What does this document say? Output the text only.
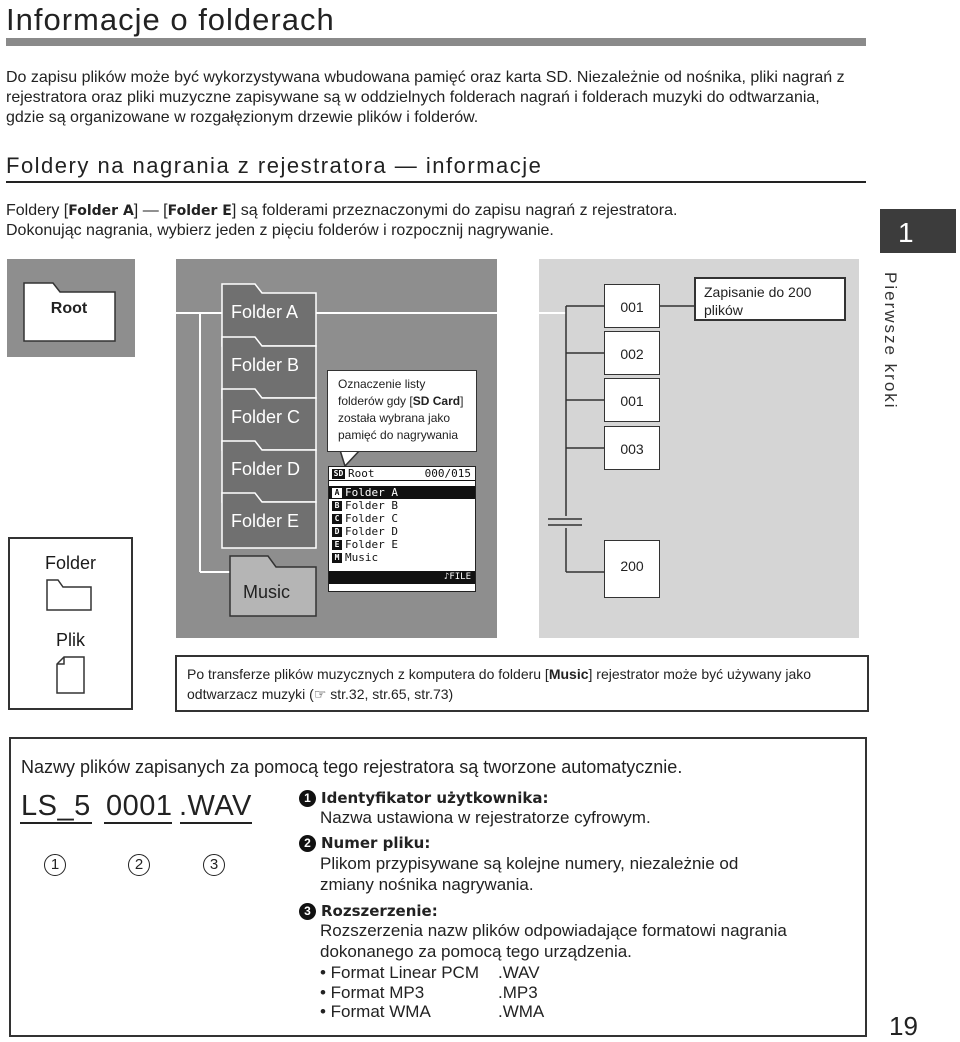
Informacje o folderach
Do zapisu plików może być wykorzystywana wbudowana pamięć oraz karta SD. Niezależnie od nośnika, pliki nagrań z rejestratora oraz pliki muzyczne zapisywane są w oddzielnych folderach nagrań i folderach muzyki do odtwarzania, gdzie są organizowane w rozgałęzionym drzewie plików i folderów.
Foldery na nagrania z rejestratora — informacje
Foldery [Folder A] — [Folder E] są folderami przeznaczonymi do zapisu nagrań z rejestratora.
Dokonując nagrania, wybierz jeden z pięciu folderów i rozpocznij nagrywanie.	1
Pierwsze kroki
Root	Folder A
Folder B
Folder C
Folder D
Folder E
Music
Oznaczenie listy folderów gdy [SD Card] została wybrana jako pamięć do nagrywania
SD Root	000/015
A Folder A
B Folder B
C Folder C
D Folder D
E Folder E
M Music
♪FILE
001
002
001
003
200
Zapisanie do 200 plików
Folder
Plik
Po transferze plików muzycznych z komputera do folderu [Music] rejestrator może być używany jako odtwarzacz muzyki (☞ str.32, str.65, str.73)
Nazwy plików zapisanych za pomocą tego rejestratora są tworzone automatycznie.
LS_5 0001 .WAV
1	2	3
1 Identyfikator użytkownika:
Nazwa ustawiona w rejestratorze cyfrowym.
2 Numer pliku:
Plikom przypisywane są kolejne numery, niezależnie od
zmiany nośnika nagrywania.
3 Rozszerzenie:
Rozszerzenia nazw plików odpowiadające formatowi nagrania
dokonanego za pomocą tego urządzenia.
• Format Linear PCM .WAV
• Format MP3	.MP3
• Format WMA	.WMA	19
